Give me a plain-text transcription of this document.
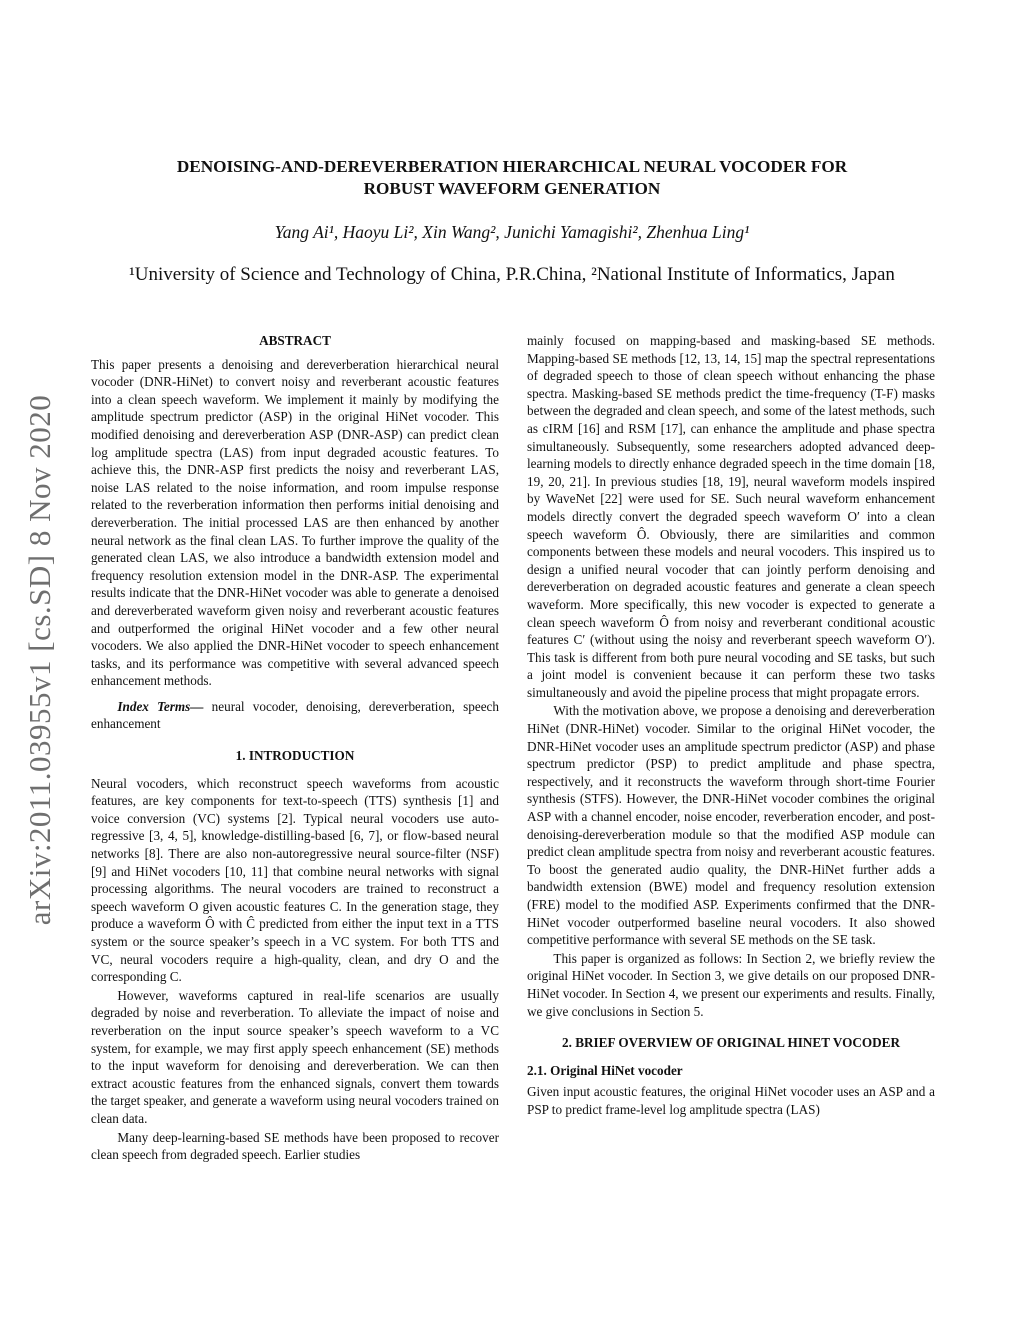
arXiv:2011.03955v1 [cs.SD] 8 Nov 2020
DENOISING-AND-DEREVERBERATION HIERARCHICAL NEURAL VOCODER FOR
ROBUST WAVEFORM GENERATION
Yang Ai¹, Haoyu Li², Xin Wang², Junichi Yamagishi², Zhenhua Ling¹
¹University of Science and Technology of China, P.R.China, ²National Institute of Informatics, Japan
ABSTRACT

This paper presents a denoising and dereverberation hierarchical neural vocoder (DNR-HiNet) to convert noisy and reverberant acoustic features into a clean speech waveform. We implement it mainly by modifying the amplitude spectrum predictor (ASP) in the original HiNet vocoder. This modified denoising and dereverberation ASP (DNR-ASP) can predict clean log amplitude spectra (LAS) from input degraded acoustic features. To achieve this, the DNR-ASP first predicts the noisy and reverberant LAS, noise LAS related to the noise information, and room impulse response related to the reverberation information then performs initial denoising and dereverberation. The initial processed LAS are then enhanced by another neural network as the final clean LAS. To further improve the quality of the generated clean LAS, we also introduce a bandwidth extension model and frequency resolution extension model in the DNR-ASP. The experimental results indicate that the DNR-HiNet vocoder was able to generate a denoised and dereverberated waveform given noisy and reverberant acoustic features and outperformed the original HiNet vocoder and a few other neural vocoders. We also applied the DNR-HiNet vocoder to speech enhancement tasks, and its performance was competitive with several advanced speech enhancement methods.

Index Terms— neural vocoder, denoising, dereverberation, speech enhancement

1. INTRODUCTION

Neural vocoders, which reconstruct speech waveforms from acoustic features, are key components for text-to-speech (TTS) synthesis [1] and voice conversion (VC) systems [2]. Typical neural vocoders use auto-regressive [3, 4, 5], knowledge-distilling-based [6, 7], or flow-based neural networks [8]. There are also non-autoregressive neural source-filter (NSF) [9] and HiNet vocoders [10, 11] that combine neural networks with signal processing algorithms. The neural vocoders are trained to reconstruct a speech waveform O given acoustic features C. In the generation stage, they produce a waveform Ô with Ĉ predicted from either the input text in a TTS system or the source speaker’s speech in a VC system. For both TTS and VC, neural vocoders require a high-quality, clean, and dry O and the corresponding C.

However, waveforms captured in real-life scenarios are usually degraded by noise and reverberation. To alleviate the impact of noise and reverberation on the input source speaker’s speech waveform to a VC system, for example, we may first apply speech enhancement (SE) methods to the input waveform for denoising and dereverberation. We can then extract acoustic features from the enhanced signals, convert them towards the target speaker, and generate a waveform using neural vocoders trained on clean data.

Many deep-learning-based SE methods have been proposed to recover clean speech from degraded speech. Earlier studies

mainly focused on mapping-based and masking-based SE methods. Mapping-based SE methods [12, 13, 14, 15] map the spectral representations of degraded speech to those of clean speech without enhancing the phase spectra. Masking-based SE methods predict the time-frequency (T-F) masks between the degraded and clean speech, and some of the latest methods, such as cIRM [16] and RSM [17], can enhance the amplitude and phase spectra simultaneously. Subsequently, some researchers adopted advanced deep-learning models to directly enhance degraded speech in the time domain [18, 19, 20, 21]. In previous studies [18, 19], neural waveform models inspired by WaveNet [22] were used for SE. Such neural waveform enhancement models directly convert the degraded speech waveform O′ into a clean speech waveform Ô. Obviously, there are similarities and common components between these models and neural vocoders. This inspired us to design a unified neural vocoder that can jointly perform denoising and dereverberation on degraded acoustic features and generate a clean speech waveform. More specifically, this new vocoder is expected to generate a clean speech waveform Ô from noisy and reverberant conditional acoustic features C′ (without using the noisy and reverberant speech waveform O′). This task is different from both pure neural vocoding and SE tasks, but such a joint model is convenient because it can perform these two tasks simultaneously and avoid the pipeline process that might propagate errors.

With the motivation above, we propose a denoising and dereverberation HiNet (DNR-HiNet) vocoder. Similar to the original HiNet vocoder, the DNR-HiNet vocoder uses an amplitude spectrum predictor (ASP) and phase spectrum predictor (PSP) to predict amplitude and phase spectra, respectively, and it reconstructs the waveform through short-time Fourier synthesis (STFS). However, the DNR-HiNet vocoder combines the original ASP with a channel encoder, noise encoder, reverberation encoder, and post-denoising-dereverberation module so that the modified ASP module can predict clean amplitude spectra from noisy and reverberant acoustic features. To boost the generated audio quality, the DNR-HiNet further adds a bandwidth extension (BWE) model and frequency resolution extension (FRE) model to the modified ASP. Experiments confirmed that the DNR-HiNet vocoder outperformed baseline neural vocoders. It also showed competitive performance with several SE methods on the SE task.

This paper is organized as follows: In Section 2, we briefly review the original HiNet vocoder. In Section 3, we give details on our proposed DNR-HiNet vocoder. In Section 4, we present our experiments and results. Finally, we give conclusions in Section 5.

2. BRIEF OVERVIEW OF ORIGINAL HINET VOCODER
2.1. Original HiNet vocoder

Given input acoustic features, the original HiNet vocoder uses an ASP and a PSP to predict frame-level log amplitude spectra (LAS)
